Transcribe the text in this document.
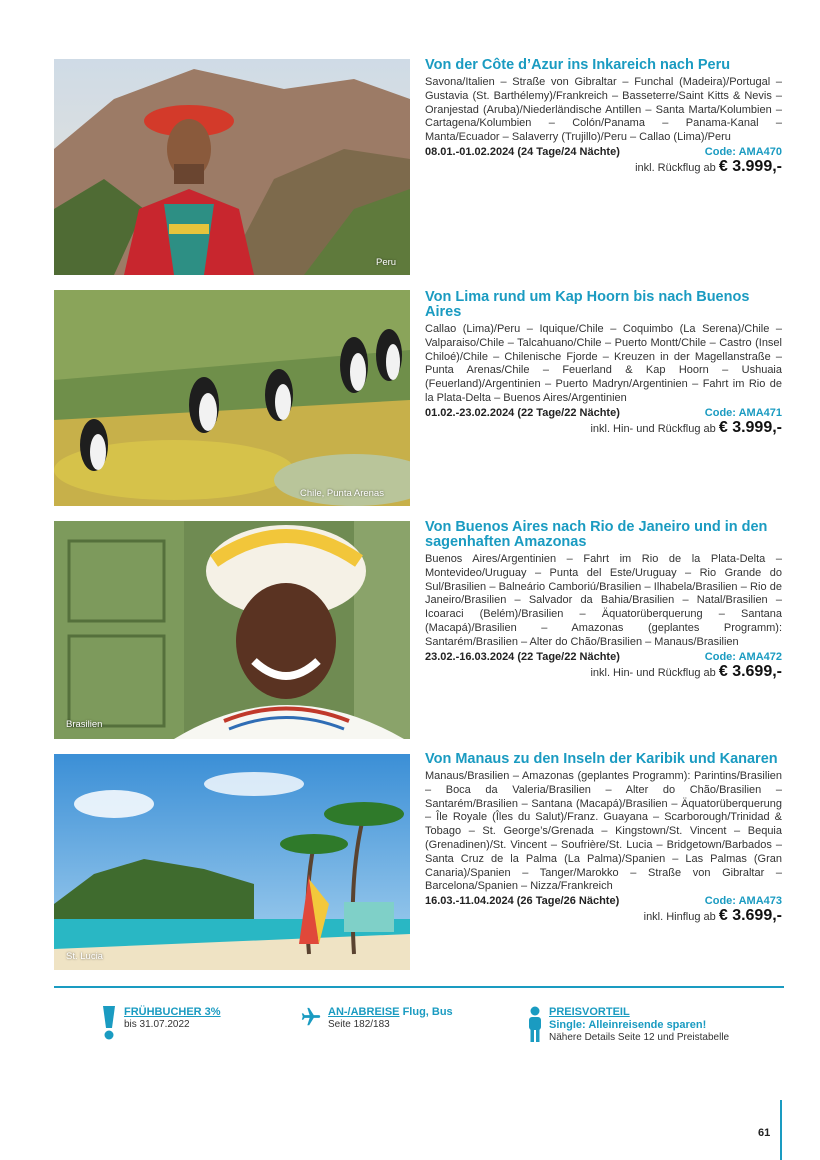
Peru
Von der Côte d’Azur ins Inkareich nach Peru
Savona/Italien – Straße von Gibraltar – Funchal (Madeira)/Portugal – Gustavia (St. Barthélemy)/Frankreich – Basseterre/Saint Kitts & Nevis – Oranjestad (Aruba)/Niederländische Antillen – Santa Marta/Kolumbien – Cartagena/Kolumbien – Colón/Panama – Panama-Kanal – Manta/Ecuador – Salaverry (Trujillo)/Peru – Callao (Lima)/Peru
08.01.-01.02.2024 (24 Tage/24 Nächte)	Code: AMA470
inkl. Rückflug ab € 3.999,-
Chile, Punta Arenas
Von Lima rund um Kap Hoorn bis nach Buenos Aires
Callao (Lima)/Peru – Iquique/Chile – Coquimbo (La Serena)/Chile – Valparaiso/Chile – Talcahuano/Chile – Puerto Montt/Chile – Castro (Insel Chiloé)/Chile – Chilenische Fjorde – Kreuzen in der Magellanstraße – Punta Arenas/Chile – Feuerland & Kap Hoorn – Ushuaia (Feuerland)/Argentinien – Puerto Madryn/Argentinien – Fahrt im Rio de la Plata-Delta – Buenos Aires/Argentinien
01.02.-23.02.2024 (22 Tage/22 Nächte)	Code: AMA471
inkl. Hin- und Rückflug ab € 3.999,-
Brasilien
Von Buenos Aires nach Rio de Janeiro und in den sagenhaften Amazonas
Buenos Aires/Argentinien – Fahrt im Rio de la Plata-Delta – Montevideo/Uruguay – Punta del Este/Uruguay – Rio Grande do Sul/Brasilien – Balneário Camboriú/Brasilien – Ilhabela/Brasilien – Rio de Janeiro/Brasilien – Salvador da Bahia/Brasilien – Natal/Brasilien – Icoaraci (Belém)/Brasilien – Äquatorüberquerung – Santana (Macapá)/Brasilien – Amazonas (geplantes Programm): Santarém/Brasilien – Alter do Chão/Brasilien – Manaus/Brasilien
23.02.-16.03.2024 (22 Tage/22 Nächte)	Code: AMA472
inkl. Hin- und Rückflug ab € 3.699,-
St. Lucia
Von Manaus zu den Inseln der Karibik und Kanaren
Manaus/Brasilien – Amazonas (geplantes Programm): Parintins/Brasilien – Boca da Valeria/Brasilien – Alter do Chão/Brasilien – Santarém/Brasilien – Santana (Macapá)/Brasilien – Äquatorüberquerung – Île Royale (Îles du Salut)/Franz. Guayana – Scarborough/Trinidad & Tobago – St. George’s/Grenada – Kingstown/St. Vincent – Bequia (Grenadinen)/St. Vincent – Soufrière/St. Lucia – Bridgetown/Barbados – Santa Cruz de la Palma (La Palma)/Spanien – Las Palmas (Gran Canaria)/Spanien – Tanger/Marokko – Straße von Gibraltar – Barcelona/Spanien – Nizza/Frankreich
16.03.-11.04.2024 (26 Tage/26 Nächte)	Code: AMA473
inkl. Hinflug ab € 3.699,-
FRÜHBUCHER 3%
bis 31.07.2022
AN-/ABREISE Flug, Bus
Seite 182/183
PREISVORTEIL
Single: Alleinreisende sparen!
Nähere Details Seite 12 und Preistabelle
61
